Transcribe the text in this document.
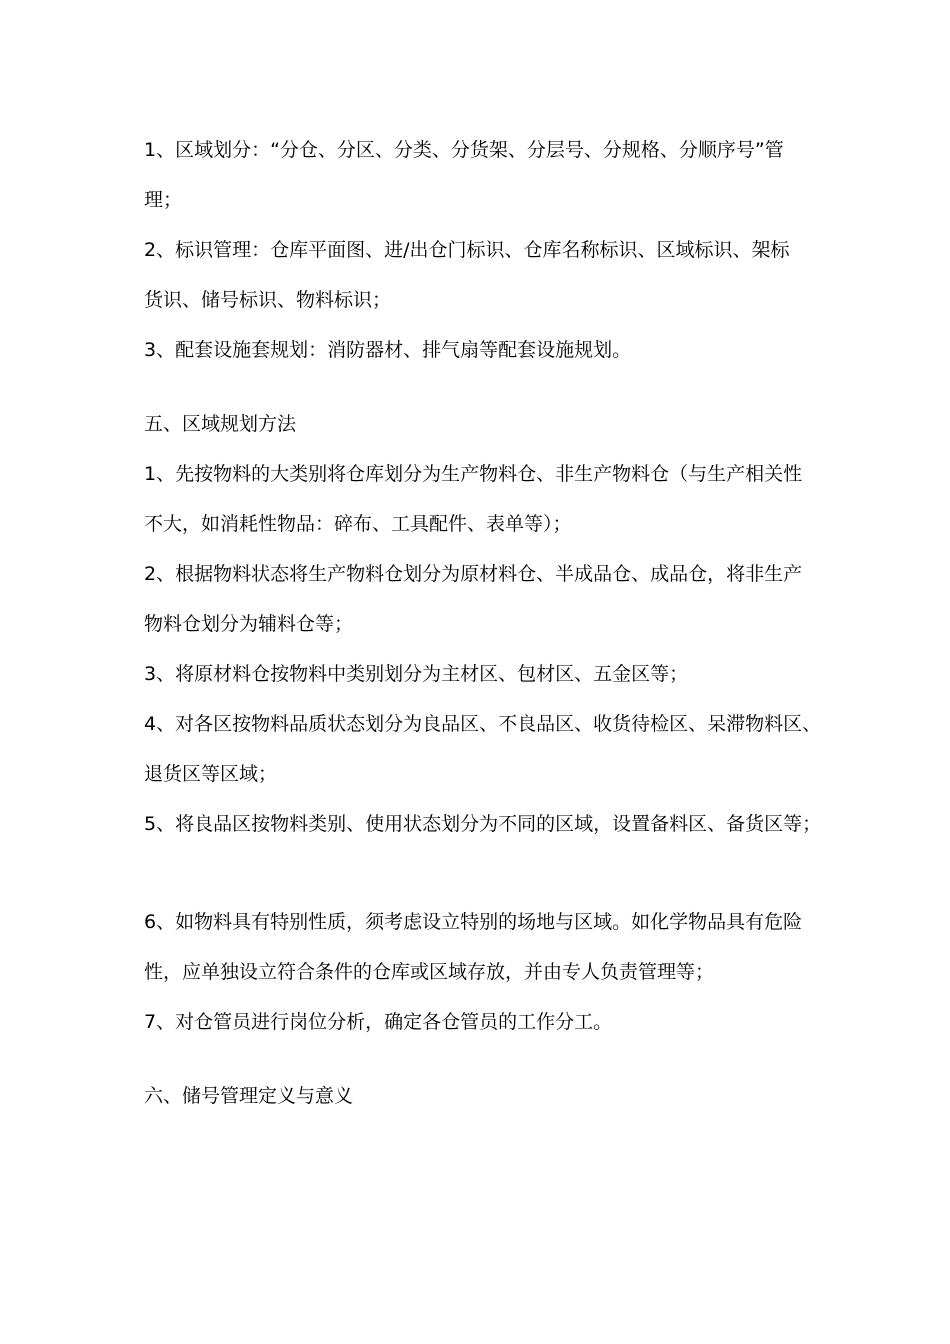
1、区域划分：“分仓、分区、分类、分货架、分层号、分规格、分顺序号”管
理；
2、标识管理：仓库平面图、进/出仓门标识、仓库名称标识、区域标识、架标
货识、储号标识、物料标识；
3、配套设施套规划：消防器材、排气扇等配套设施规划。
五、区域规划方法
1、先按物料的大类别将仓库划分为生产物料仓、非生产物料仓（与生产相关性
不大，如消耗性物品：碎布、工具配件、表单等）；
2、根据物料状态将生产物料仓划分为原材料仓、半成品仓、成品仓，将非生产
物料仓划分为辅料仓等；
3、将原材料仓按物料中类别划分为主材区、包材区、五金区等；
4、对各区按物料品质状态划分为良品区、不良品区、收货待检区、呆滞物料区、
退货区等区域；
5、将良品区按物料类别、使用状态划分为不同的区域，设置备料区、备货区等；
6、如物料具有特别性质，须考虑设立特别的场地与区域。如化学物品具有危险
性，应单独设立符合条件的仓库或区域存放，并由专人负责管理等；
7、对仓管员进行岗位分析，确定各仓管员的工作分工。
六、储号管理定义与意义
